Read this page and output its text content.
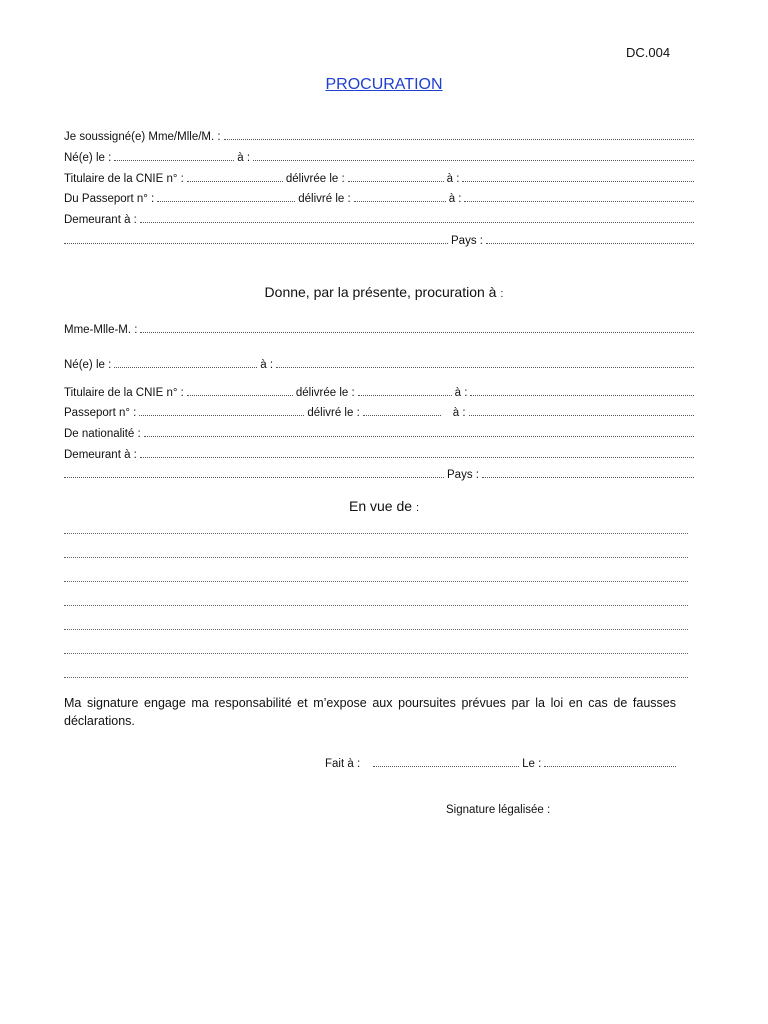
DC.004
PROCURATION
Je soussigné(e) Mme/Mlle/M. :
Né(e) le :	à :
Titulaire de la CNIE n° :	délivrée le :	à :
Du Passeport n° :	délivré le :	à :
Demeurant à :
Pays :
Donne, par la présente, procuration à :
Mme-Mlle-M. :
Né(e) le :	à :
Titulaire de la CNIE n° :	délivrée le :	à :
Passeport n° :	délivré le :	à :
De nationalité :
Demeurant à :
Pays :
En vue de :
Ma signature engage ma responsabilité et m’expose aux poursuites prévues par la loi en cas de fausses déclarations.
Fait à :	Le :
Signature légalisée :
